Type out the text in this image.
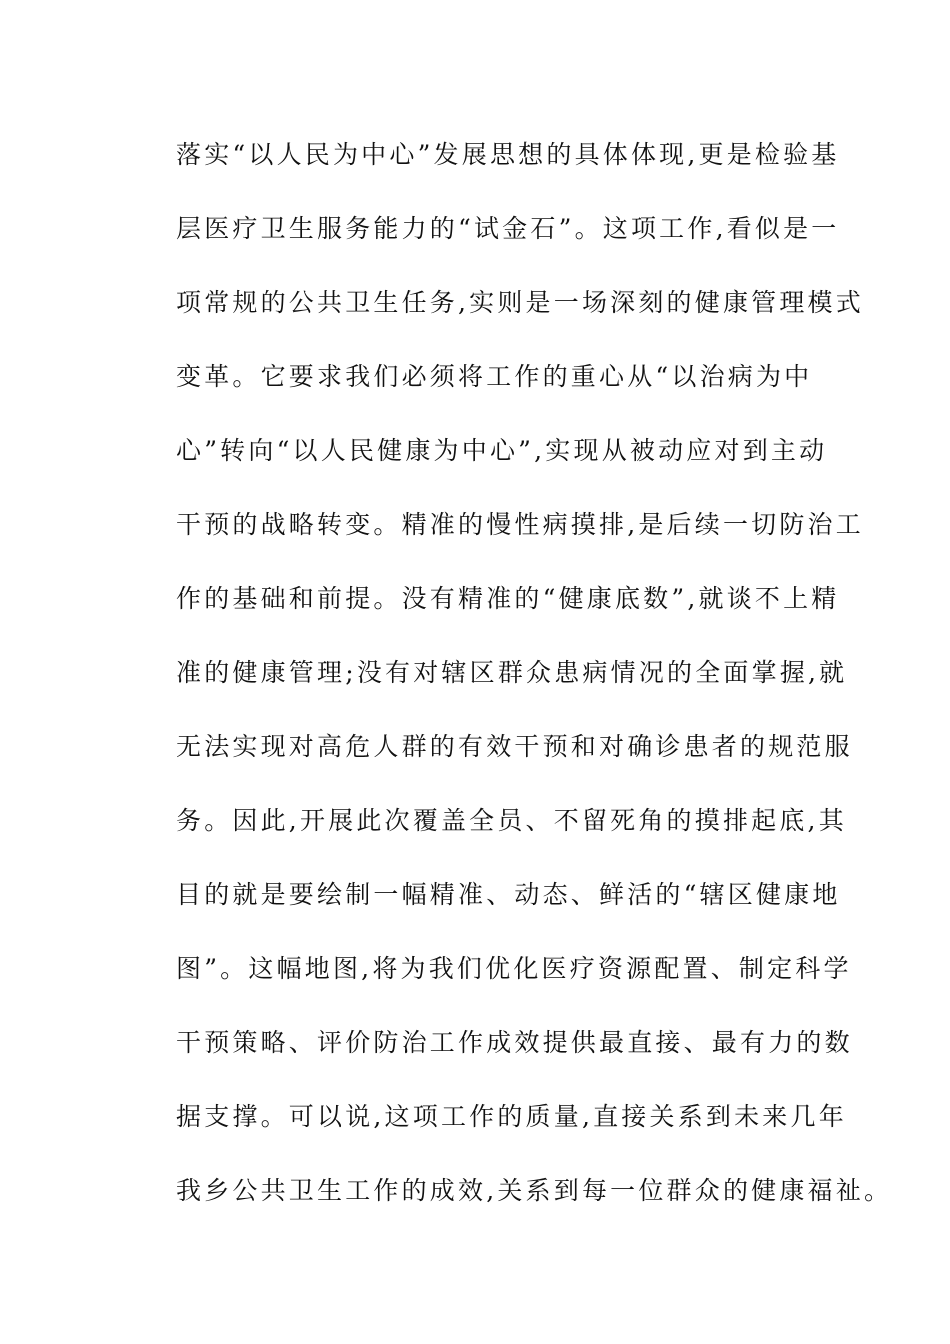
落实“以人民为中心”发展思想的具体体现,更是检验基
层医疗卫生服务能力的“试金石”。这项工作,看似是一
项常规的公共卫生任务,实则是一场深刻的健康管理模式
变革。它要求我们必须将工作的重心从“以治病为中
心”转向“以人民健康为中心”,实现从被动应对到主动
干预的战略转变。精准的慢性病摸排,是后续一切防治工
作的基础和前提。没有精准的“健康底数”,就谈不上精
准的健康管理;没有对辖区群众患病情况的全面掌握,就
无法实现对高危人群的有效干预和对确诊患者的规范服
务。因此,开展此次覆盖全员、不留死角的摸排起底,其
目的就是要绘制一幅精准、动态、鲜活的“辖区健康地
图”。这幅地图,将为我们优化医疗资源配置、制定科学
干预策略、评价防治工作成效提供最直接、最有力的数
据支撑。可以说,这项工作的质量,直接关系到未来几年
我乡公共卫生工作的成效,关系到每一位群众的健康福祉。
